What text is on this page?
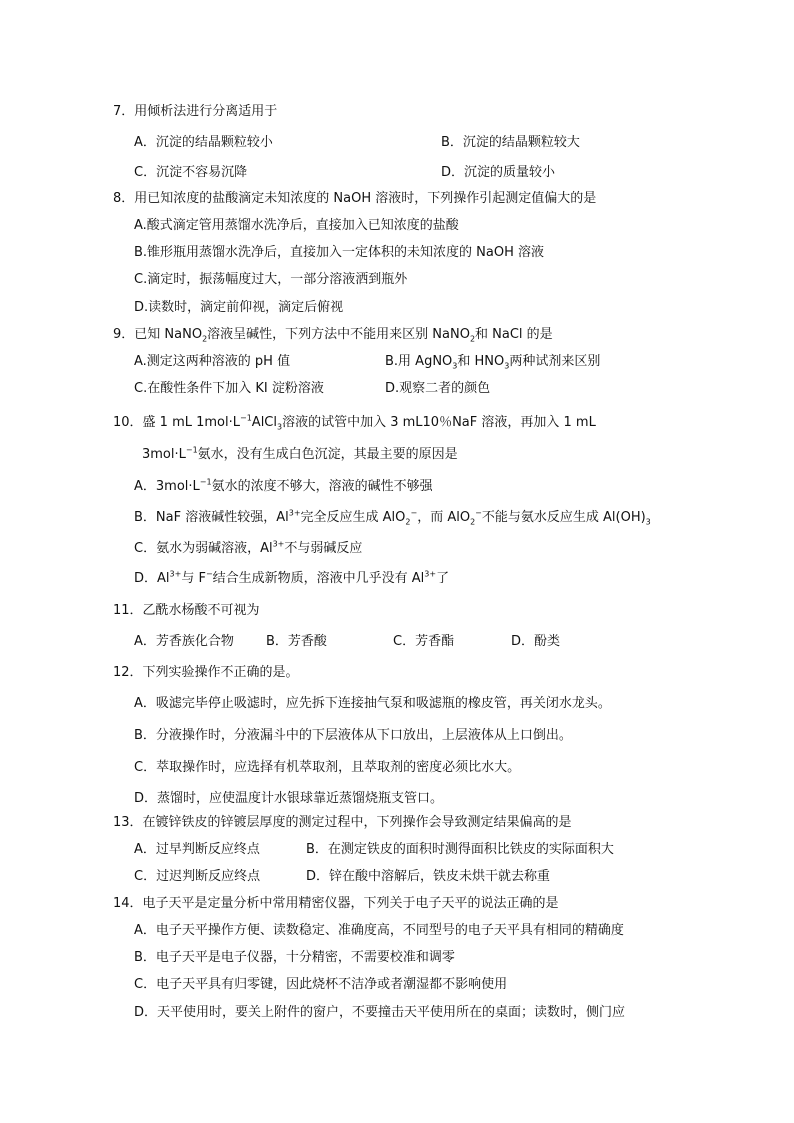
7．用倾析法进行分离适用于
A．沉淀的结晶颗粒较小	B．沉淀的结晶颗粒较大
C．沉淀不容易沉降	D．沉淀的质量较小
8．用已知浓度的盐酸滴定未知浓度的 NaOH 溶液时，下列操作引起测定值偏大的是
A.酸式滴定管用蒸馏水洗净后，直接加入已知浓度的盐酸
B.锥形瓶用蒸馏水洗净后，直接加入一定体积的未知浓度的 NaOH 溶液
C.滴定时，振荡幅度过大，一部分溶液洒到瓶外
D.读数时，滴定前仰视，滴定后俯视
9．已知 NaNO$_2$溶液呈碱性，下列方法中不能用来区别 NaNO$_2$和 NaCl 的是
A.测定这两种溶液的 pH 值	B.用 AgNO$_3$和 $HNO_3$两种试剂来区别
C.在酸性条件下加入 KI 淀粉溶液	D.观察二者的颜色
10．盛 1 mL $1mol\cdot L^{-1}AlCl_3$溶液的试管中加入 3 mL10％NaF 溶液，再加入 1 mL
$3mol\cdot L^{-1}$氨水，没有生成白色沉淀，其最主要的原因是
A．$3mol\cdot L^{-1}$氨水的浓度不够大，溶液的碱性不够强
B．NaF 溶液碱性较强，$Al^{3+}$完全反应生成 AlO$_2$−，而 AlO$_2$−不能与氨水反应生成 $Al(OH)_3$
C．氨水为弱碱溶液，$Al^{3+}$不与弱碱反应
D．$Al^{3+}$与 F−结合生成新物质，溶液中几乎没有 $Al^{3+}$了
11．乙酰水杨酸不可视为
A．芳香族化合物 B．芳香酸	C．芳香酯	D．酚类
12．下列实验操作不正确的是。
A．吸滤完毕停止吸滤时，应先拆下连接抽气泵和吸滤瓶的橡皮管，再关闭水龙头。
B．分液操作时，分液漏斗中的下层液体从下口放出，上层液体从上口倒出。
C．萃取操作时，应选择有机萃取剂，且萃取剂的密度必须比水大。
D．蒸馏时，应使温度计水银球靠近蒸馏烧瓶支管口。
13．在镀锌铁皮的锌镀层厚度的测定过程中，下列操作会导致测定结果偏高的是
A．过早判断反应终点	B．在测定铁皮的面积时测得面积比铁皮的实际面积大
C．过迟判断反应终点	D．锌在酸中溶解后，铁皮未烘干就去称重
14．电子天平是定量分析中常用精密仪器，下列关于电子天平的说法正确的是
A．电子天平操作方便、读数稳定、准确度高，不同型号的电子天平具有相同的精确度
B．电子天平是电子仪器，十分精密，不需要校准和调零
C．电子天平具有归零键，因此烧杯不洁净或者潮湿都不影响使用
D．天平使用时，要关上附件的窗户，不要撞击天平使用所在的桌面；读数时，侧门应
